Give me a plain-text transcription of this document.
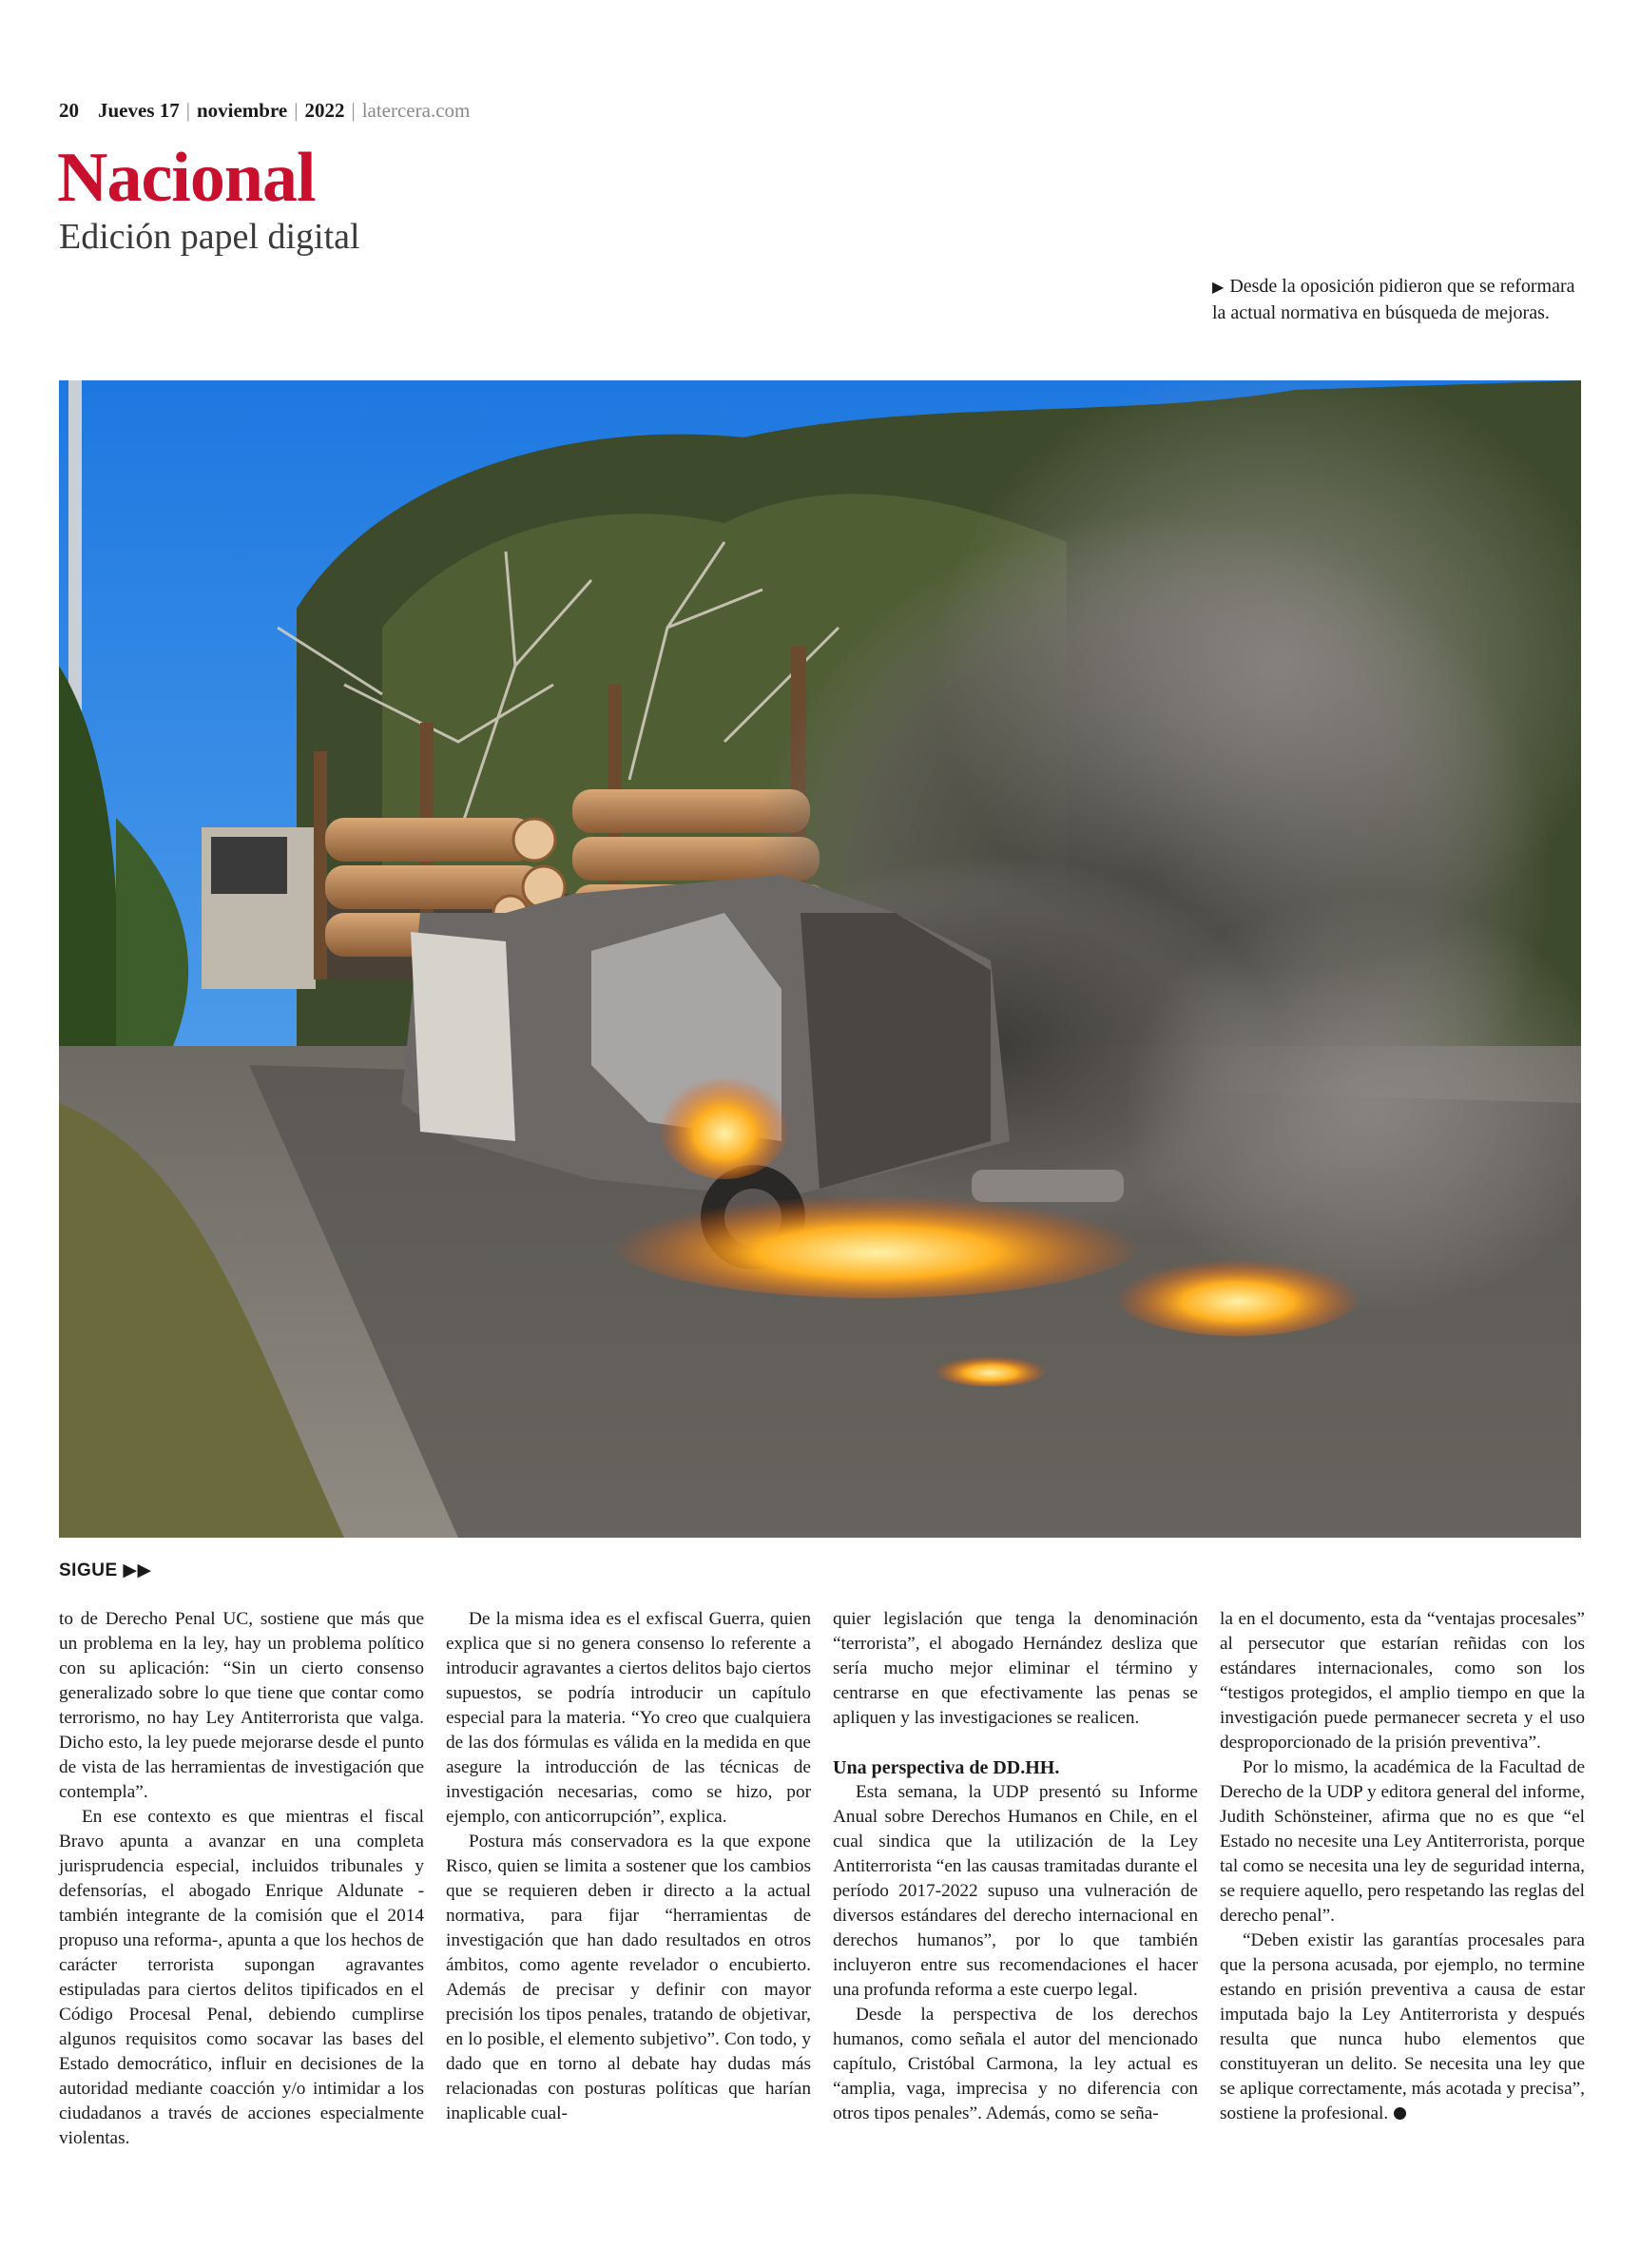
20 Jueves 17 | noviembre | 2022 | latercera.com
Nacional
Edición papel digital
▶ Desde la oposición pidieron que se reformara la actual normativa en búsqueda de mejoras.
SIGUE ▶▶

to de Derecho Penal UC, sostiene que más que un problema en la ley, hay un problema político con su aplicación: “Sin un cierto consenso generalizado sobre lo que tiene que contar como terrorismo, no hay Ley Antiterrorista que valga. Dicho esto, la ley puede mejorarse desde el punto de vista de las herramientas de investigación que contempla”.

En ese contexto es que mientras el fiscal Bravo apunta a avanzar en una completa jurisprudencia especial, incluidos tribunales y defensorías, el abogado Enrique Aldunate -también integrante de la comisión que el 2014 propuso una reforma-, apunta a que los hechos de carácter terrorista supongan agravantes estipuladas para ciertos delitos tipificados en el Código Procesal Penal, debiendo cumplirse algunos requisitos como socavar las bases del Estado democrático, influir en decisiones de la autoridad mediante coacción y/o intimidar a los ciudadanos a través de acciones especialmente violentas.

De la misma idea es el exfiscal Guerra, quien explica que si no genera consenso lo referente a introducir agravantes a ciertos delitos bajo ciertos supuestos, se podría introducir un capítulo especial para la materia. “Yo creo que cualquiera de las dos fórmulas es válida en la medida en que asegure la introducción de las técnicas de investigación necesarias, como se hizo, por ejemplo, con anticorrupción”, explica.

Postura más conservadora es la que expone Risco, quien se limita a sostener que los cambios que se requieren deben ir directo a la actual normativa, para fijar “herramientas de investigación que han dado resultados en otros ámbitos, como agente revelador o encubierto. Además de precisar y definir con mayor precisión los tipos penales, tratando de objetivar, en lo posible, el elemento subjetivo”. Con todo, y dado que en torno al debate hay dudas más relacionadas con posturas políticas que harían inaplicable cual-

quier legislación que tenga la denominación “terrorista”, el abogado Hernández desliza que sería mucho mejor eliminar el término y centrarse en que efectivamente las penas se apliquen y las investigaciones se realicen.

Una perspectiva de DD.HH.

Esta semana, la UDP presentó su Informe Anual sobre Derechos Humanos en Chile, en el cual sindica que la utilización de la Ley Antiterrorista “en las causas tramitadas durante el período 2017-2022 supuso una vulneración de diversos estándares del derecho internacional en derechos humanos”, por lo que también incluyeron entre sus recomendaciones el hacer una profunda reforma a este cuerpo legal.

Desde la perspectiva de los derechos humanos, como señala el autor del mencionado capítulo, Cristóbal Carmona, la ley actual es “amplia, vaga, imprecisa y no diferencia con otros tipos penales”. Además, como se seña-

la en el documento, esta da “ventajas procesales” al persecutor que estarían reñidas con los estándares internacionales, como son los “testigos protegidos, el amplio tiempo en que la investigación puede permanecer secreta y el uso desproporcionado de la prisión preventiva”.

Por lo mismo, la académica de la Facultad de Derecho de la UDP y editora general del informe, Judith Schönsteiner, afirma que no es que “el Estado no necesite una Ley Antiterrorista, porque tal como se necesita una ley de seguridad interna, se requiere aquello, pero respetando las reglas del derecho penal”.

“Deben existir las garantías procesales para que la persona acusada, por ejemplo, no termine estando en prisión preventiva a causa de estar imputada bajo la Ley Antiterrorista y después resulta que nunca hubo elementos que constituyeran un delito. Se necesita una ley que se aplique correctamente, más acotada y precisa”, sostiene la profesional.
